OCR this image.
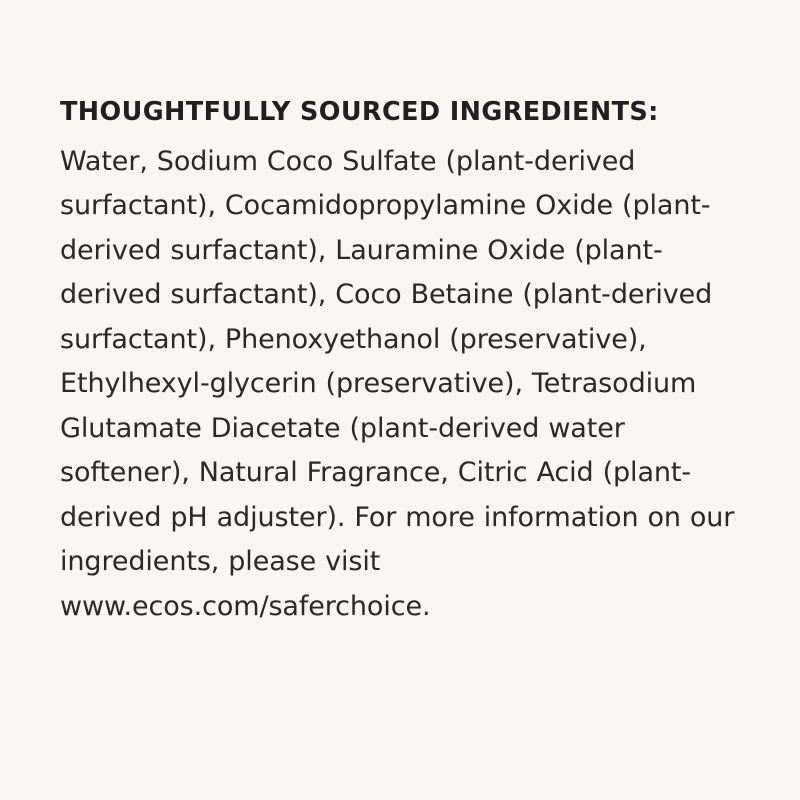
THOUGHTFULLY SOURCED INGREDIENTS:

Water, Sodium Coco Sulfate (plant-derived surfactant), Cocamidopropylamine Oxide (plant-derived surfactant), Lauramine Oxide (plant-derived surfactant), Coco Betaine (plant-derived surfactant), Phenoxyethanol (preservative), Ethylhexyl-glycerin (preservative), Tetrasodium Glutamate Diacetate (plant-derived water softener), Natural Fragrance, Citric Acid (plant-derived pH adjuster). For more information on our ingredients, please visit www.ecos.com/saferchoice.
